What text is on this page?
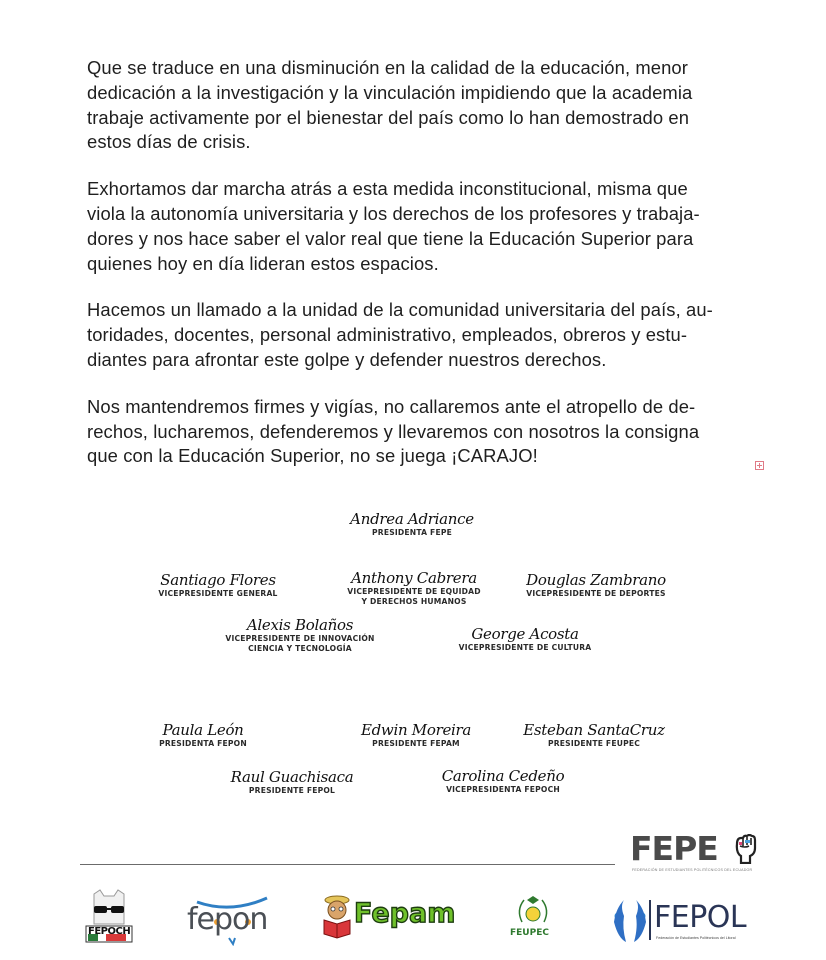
Que se traduce en una disminución en la calidad de la educación, menor
dedicación a la investigación y la vinculación impidiendo que la academia
trabaje activamente por el bienestar del país como lo han demostrado en
estos días de crisis.

Exhortamos dar marcha atrás a esta medida inconstitucional, misma que
viola la autonomía universitaria y los derechos de los profesores y trabaja-
dores y nos hace saber el valor real que tiene la Educación Superior para
quienes hoy en día lideran estos espacios.

Hacemos un llamado a la unidad de la comunidad universitaria del país, au-
toridades, docentes, personal administrativo, empleados, obreros y estu-
diantes para afrontar este golpe y defender nuestros derechos.

Nos mantendremos firmes y vigías, no callaremos ante el atropello de de-
rechos, lucharemos, defenderemos y llevaremos con nosotros la consigna
que con la Educación Superior, no se juega ¡CARAJO!

Andrea Adriance
PRESIDENTA FEPE
Santiago Flores
VICEPRESIDENTE GENERAL
Anthony Cabrera
VICEPRESIDENTE DE EQUIDAD
Y DERECHOS HUMANOS
Douglas Zambrano
VICEPRESIDENTE DE DEPORTES
Alexis Bolaños
VICEPRESIDENTE DE INNOVACIÓN
CIENCIA Y TECNOLOGÍA
George Acosta
VICEPRESIDENTE DE CULTURA
Paula León
PRESIDENTA FEPON
Edwin Moreira
PRESIDENTE FEPAM
Esteban SantaCruz
PRESIDENTE FEUPEC
Raul Guachisaca
PRESIDENTE FEPOL
Carolina Cedeño
VICEPRESIDENTA FEPOCH
FEPE
FEDERACIÓN DE ESTUDIANTES POLITÉCNICOS DEL ECUADOR
FEPOCH fepon	Fepam
FEUPEC	FEPOL
Federación de Estudiantes Politécnicos del Litoral
